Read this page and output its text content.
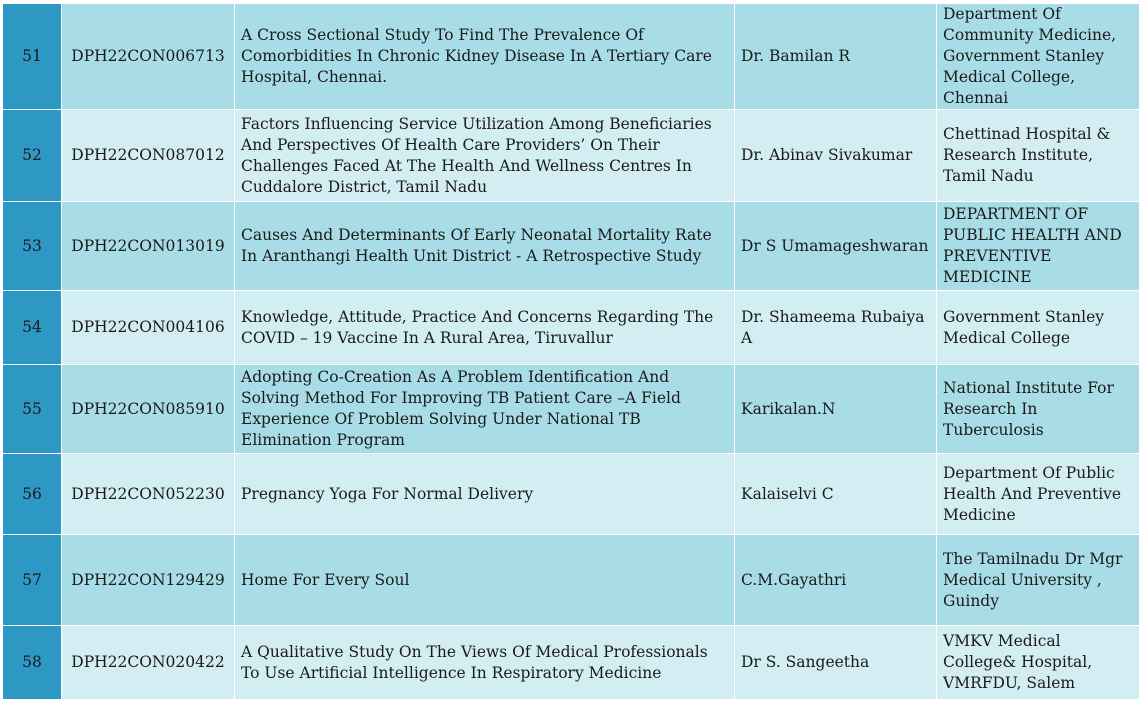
51	DPH22CON006713	A Cross Sectional Study To Find The Prevalence Of Comorbidities In Chronic Kidney Disease In A Tertiary Care Hospital, Chennai.	Dr. Bamilan R	Department Of Community Medicine, Government Stanley Medical College, Chennai
52	DPH22CON087012	Factors Influencing Service Utilization Among Beneficiaries And Perspectives Of Health Care Providers’ On Their Challenges Faced At The Health And Wellness Centres In Cuddalore District, Tamil Nadu	Dr. Abinav Sivakumar	Chettinad Hospital & Research Institute, Tamil Nadu
53	DPH22CON013019	Causes And Determinants Of Early Neonatal Mortality Rate In Aranthangi Health Unit District - A Retrospective Study	Dr S Umamageshwaran	DEPARTMENT OF PUBLIC HEALTH AND PREVENTIVE MEDICINE
54	DPH22CON004106	Knowledge, Attitude, Practice And Concerns Regarding The COVID – 19 Vaccine In A Rural Area, Tiruvallur	Dr. Shameema Rubaiya A	Government Stanley Medical College
55	DPH22CON085910	Adopting Co-Creation As A Problem Identification And Solving Method For Improving TB Patient Care –A Field Experience Of Problem Solving Under National TB Elimination Program	Karikalan.N	National Institute For Research In Tuberculosis
56	DPH22CON052230	Pregnancy Yoga For Normal Delivery	Kalaiselvi C	Department Of Public Health And Preventive Medicine
57	DPH22CON129429	Home For Every Soul	C.M.Gayathri	The Tamilnadu Dr Mgr Medical University , Guindy
58	DPH22CON020422	A Qualitative Study On The Views Of Medical Professionals To Use Artificial Intelligence In Respiratory Medicine	Dr S. Sangeetha	VMKV Medical College& Hospital, VMRFDU, Salem
